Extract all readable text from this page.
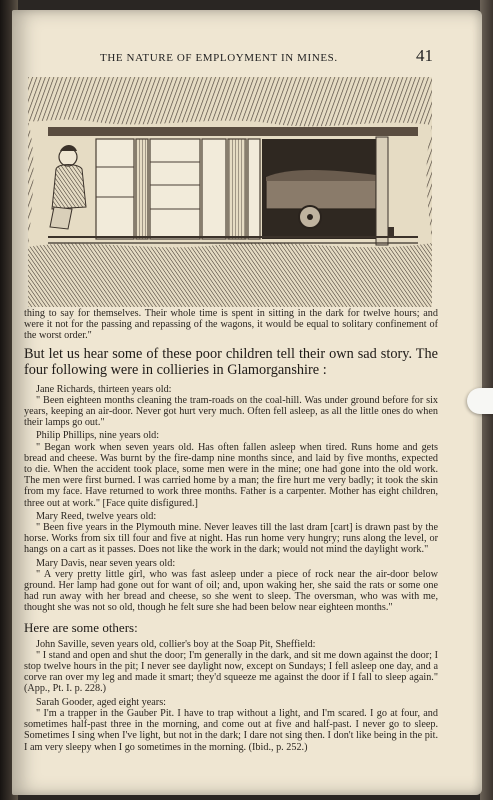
THE NATURE OF EMPLOYMENT IN MINES.	41

thing to say for themselves. Their whole time is spent in sitting in the dark for twelve hours; and were it not for the passing and repassing of the wagons, it would be equal to solitary confinement of the worst order."

But let us hear some of these poor children tell their own sad story. The four following were in collieries in Glamorganshire :

Jane Richards, thirteen years old:

" Been eighteen months cleaning the tram-roads on the coal-hill. Was under ground before for six years, keeping an air-door. Never got hurt very much. Often fell asleep, as all the little ones do when their lamps go out."

Philip Phillips, nine years old:

" Began work when seven years old. Has often fallen asleep when tired. Runs home and gets bread and cheese. Was burnt by the fire-damp nine months since, and laid by five months, expected to die. When the accident took place, some men were in the mine; one had gone into the old work. The men were first burned. I was carried home by a man; the fire hurt me very badly; it took the skin from my face. Have returned to work three months. Father is a carpenter. Mother has eight children, three out at work." [Face quite disfigured.]

Mary Reed, twelve years old:

" Been five years in the Plymouth mine. Never leaves till the last dram [cart] is drawn past by the horse. Works from six till four and five at night. Has run home very hungry; runs along the level, or hangs on a cart as it passes. Does not like the work in the dark; would not mind the daylight work."

Mary Davis, near seven years old:

" A very pretty little girl, who was fast asleep under a piece of rock near the air-door below ground. Her lamp had gone out for want of oil; and, upon waking her, she said the rats or some one had run away with her bread and cheese, so she went to sleep. The oversman, who was with me, thought she was not so old, though he felt sure she had been below near eighteen months."

Here are some others:

John Saville, seven years old, collier's boy at the Soap Pit, Sheffield:

" I stand and open and shut the door; I'm generally in the dark, and sit me down against the door; I stop twelve hours in the pit; I never see daylight now, except on Sundays; I fell asleep one day, and a corve ran over my leg and made it smart; they'd squeeze me against the door if I fall to sleep again." (App., Pt. I. p. 228.)

Sarah Gooder, aged eight years:

" I'm a trapper in the Gauber Pit. I have to trap without a light, and I'm scared. I go at four, and sometimes half-past three in the morning, and come out at five and half-past. I never go to sleep. Sometimes I sing when I've light, but not in the dark; I dare not sing then. I don't like being in the pit. I am very sleepy when I go sometimes in the morning. (Ibid., p. 252.)
